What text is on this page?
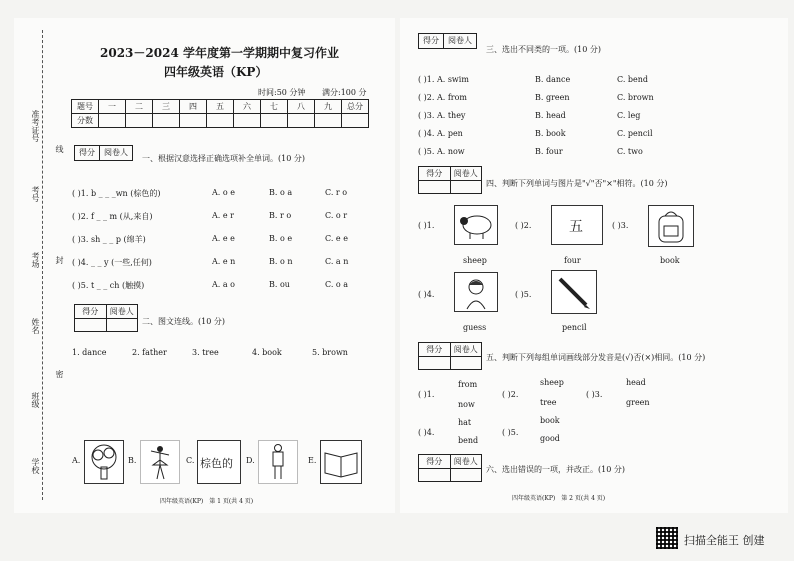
准考证号
线
考号
考场 封
姓名
密
班级
学校
2023－2024 学年度第一学期期中复习作业
四年级英语（KP）
时间:50 分钟 满分:100 分
题号	一	二	三	四	五	六	七	八	九	总分
分数										
得分	阅卷人
一、根据汉意选择正确选项补全单词。(10 分)
( )1. b _ _ _wn (棕色的)	A. o e	B. o a	C. r o
( )2. f _ _ m (从,来自)	A. e r	B. r o	C. o r
( )3. sh _ _ p (绵羊)	A. e e	B. o e	C. e e
( )4. _ _ y (一些,任何)	A. e n	B. o n	C. a n
( )5. t _ _ ch (触摸)	A. a o	B. ou	C. o a
得分	阅卷人
二、图文连线。(10 分)
1. dance	2. father	3. tree	4. book	5. brown
A.	B.	C. 棕色的 D.	E.
四年级英语(KP)　第 1 页(共 4 页)
得分	阅卷人
三、选出不同类的一项。(10 分)
( )1. A. swim	B. dance	C. bend
( )2. A. from	B. green	C. brown
( )3. A. they	B. head	C. leg
( )4. A. pen	B. book	C. pencil
( )5. A. now	B. four	C. two
得分	阅卷人
四、判断下列单词与图片是"√"否"×"相符。(10 分)
( )1.
sheep
( )2.	五
four
( )3.
book
( )4.
guess
( )5.
pencil
得分	阅卷人
五、判断下列每组单词画线部分发音是(√)否(×)相同。(10 分)
( )1.
from
now
( )2.
sheep
tree
( )3.
head
green
( )4.
hat
bend
( )5.
book
good
得分	阅卷人
六、选出错误的一项，并改正。(10 分)
四年级英语(KP)　第 2 页(共 4 页)
扫描全能王 创建
